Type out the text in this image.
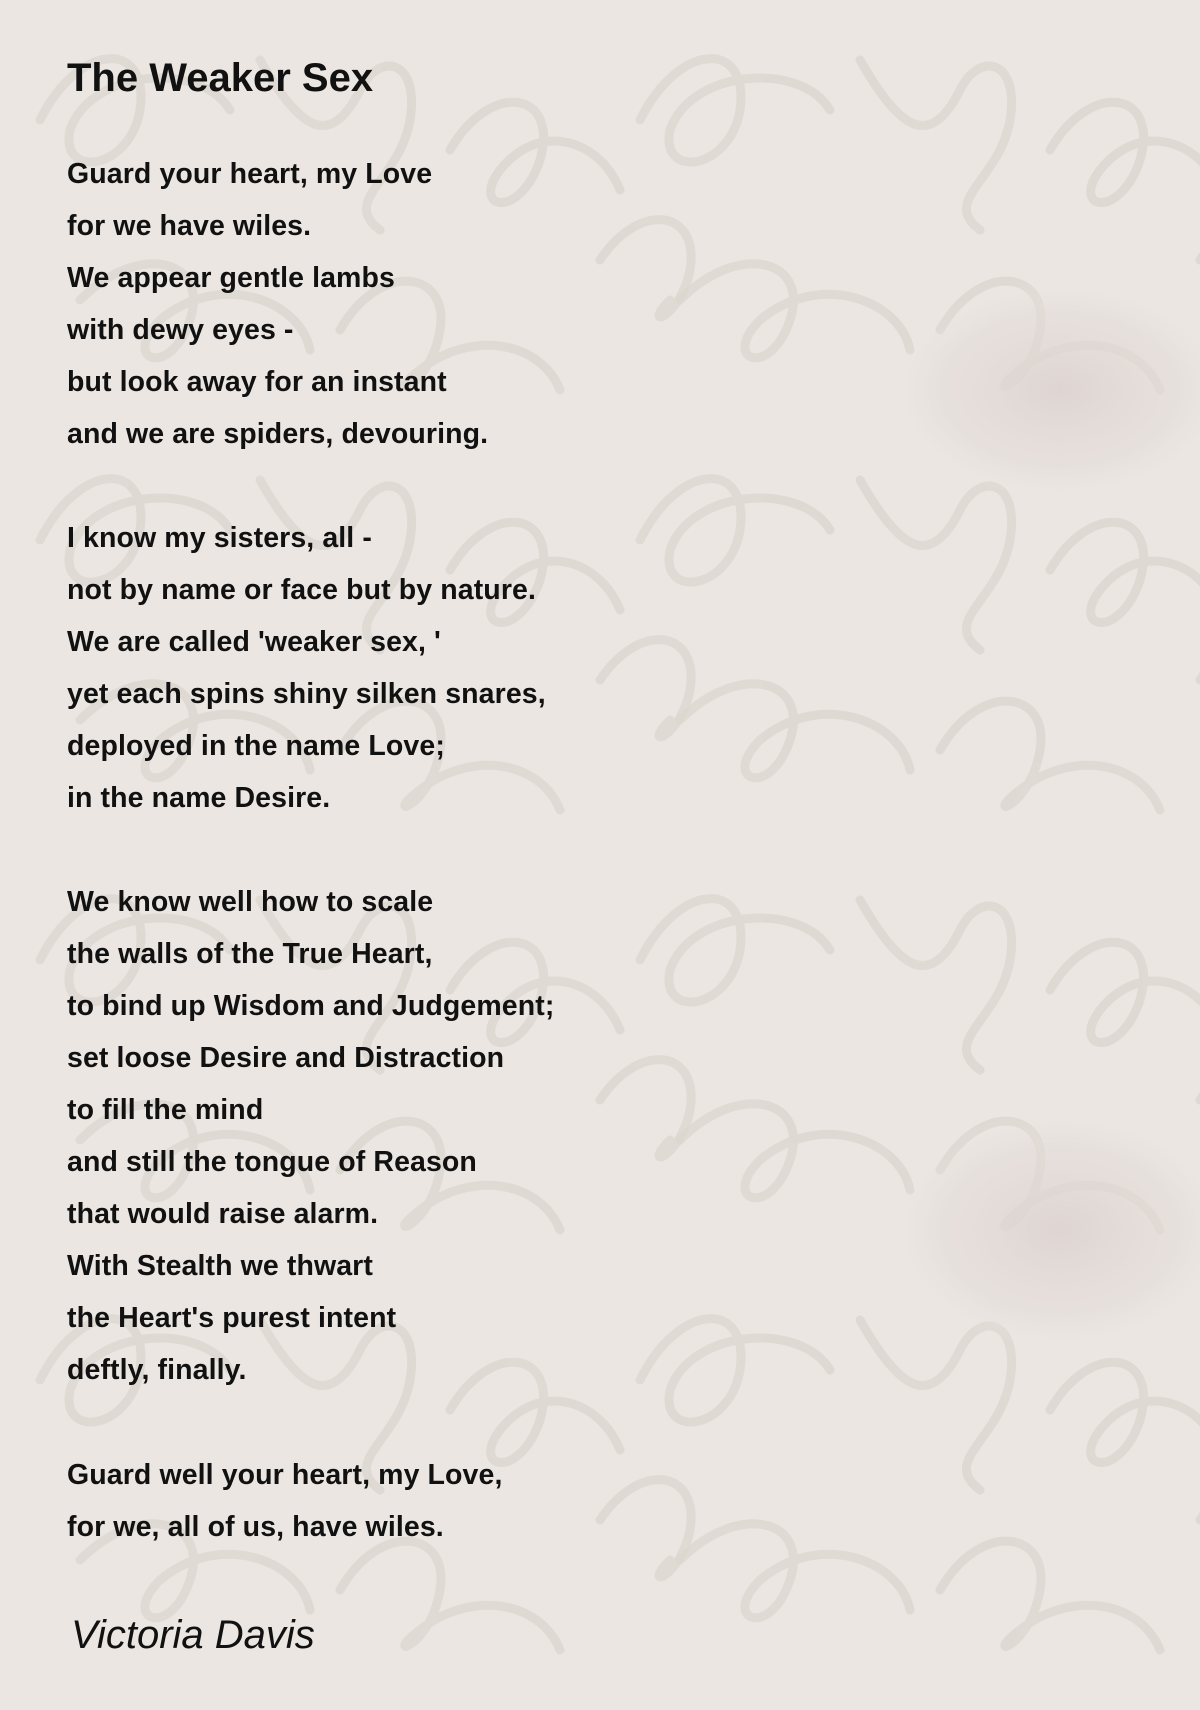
The Weaker Sex
Guard your heart, my Love
for we have wiles.
We appear gentle lambs
with dewy eyes -
but look away for an instant
and we are spiders, devouring.
I know my sisters, all -
not by name or face but by nature.
We are called 'weaker sex, '
yet each spins shiny silken snares,
deployed in the name Love;
in the name Desire.
We know well how to scale
the walls of the True Heart,
to bind up Wisdom and Judgement;
set loose Desire and Distraction
to fill the mind
and still the tongue of Reason
that would raise alarm.
With Stealth we thwart
the Heart's purest intent
deftly, finally.
Guard well your heart, my Love,
for we, all of us, have wiles.
Victoria Davis
